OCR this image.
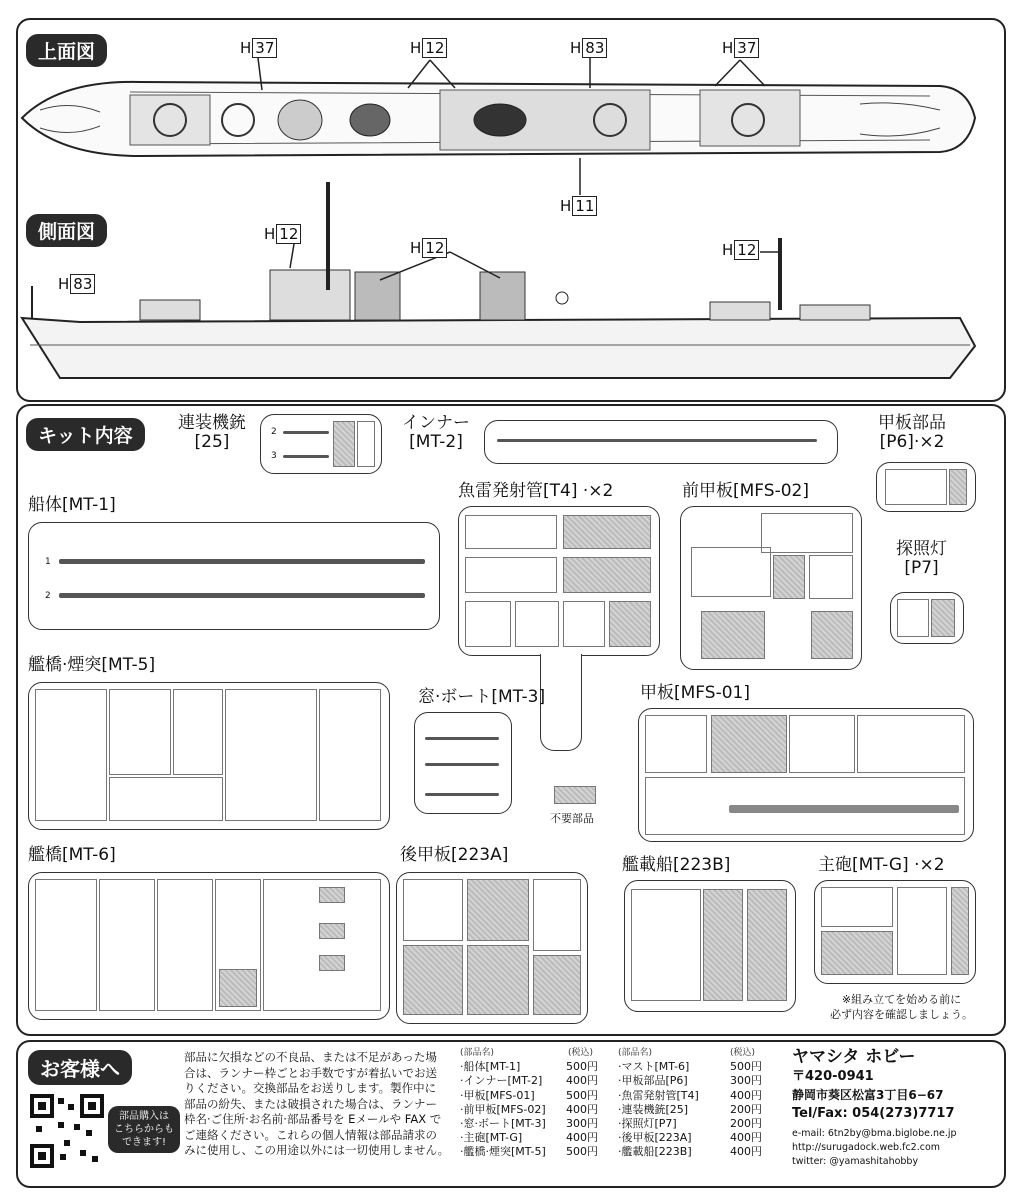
上面図
側面図
H 37	H 12	H 83	H 37
H 11
H 12
H 12	H 12
H 83
キット内容
連装機銃
[25]	2
3
インナー
[MT-2]
甲板部品
[P6]·×2
船体[MT-1]
1
2
魚雷発射管[T4] ·×2	前甲板[MFS-02]
探照灯
[P7]
艦橋·煙突[MT-5]
窓·ボート[MT-3]
不要部品
甲板[MFS-01]
艦橋[MT-6]	後甲板[223A]	艦載船[223B]	主砲[MT-G] ·×2
※組み立てを始める前に
必ず内容を確認しましょう。
お客様へ
部品購入は
こちらからも
できます!
部品に欠損などの不良品、または不足があった場
合は、ランナー枠ごとお手数ですが着払いでお送
りください。交換部品をお送りします。製作中に
部品の紛失、または破損された場合は、ランナー
枠名·ご住所·お名前·部品番号を Eメールや FAX で
ご連絡ください。これらの個人情報は部品請求の
みに使用し、この用途以外には一切使用しません。
(部品名)	(税込)
·船体[MT-1]	500円
·インナー[MT-2] 400円
·甲板[MFS-01]	500円
·前甲板[MFS-02] 400円
·窓·ボート[MT-3] 300円
·主砲[MT-G]	400円
·艦橋·煙突[MT-5] 500円
(部品名)	(税込)
·マスト[MT-6]	500円
·甲板部品[P6]	300円
·魚雷発射管[T4]	400円
·連装機銃[25]	200円
·探照灯[P7]	200円
·後甲板[223A]	400円
·艦載船[223B]	400円
ヤマシタ ホビー
〒420-0941
静岡市葵区松富3丁目6−67
Tel/Fax: 054(273)7717
e-mail: 6tn2by@bma.biglobe.ne.jp
http://surugadock.web.fc2.com
twitter: @yamashitahobby
